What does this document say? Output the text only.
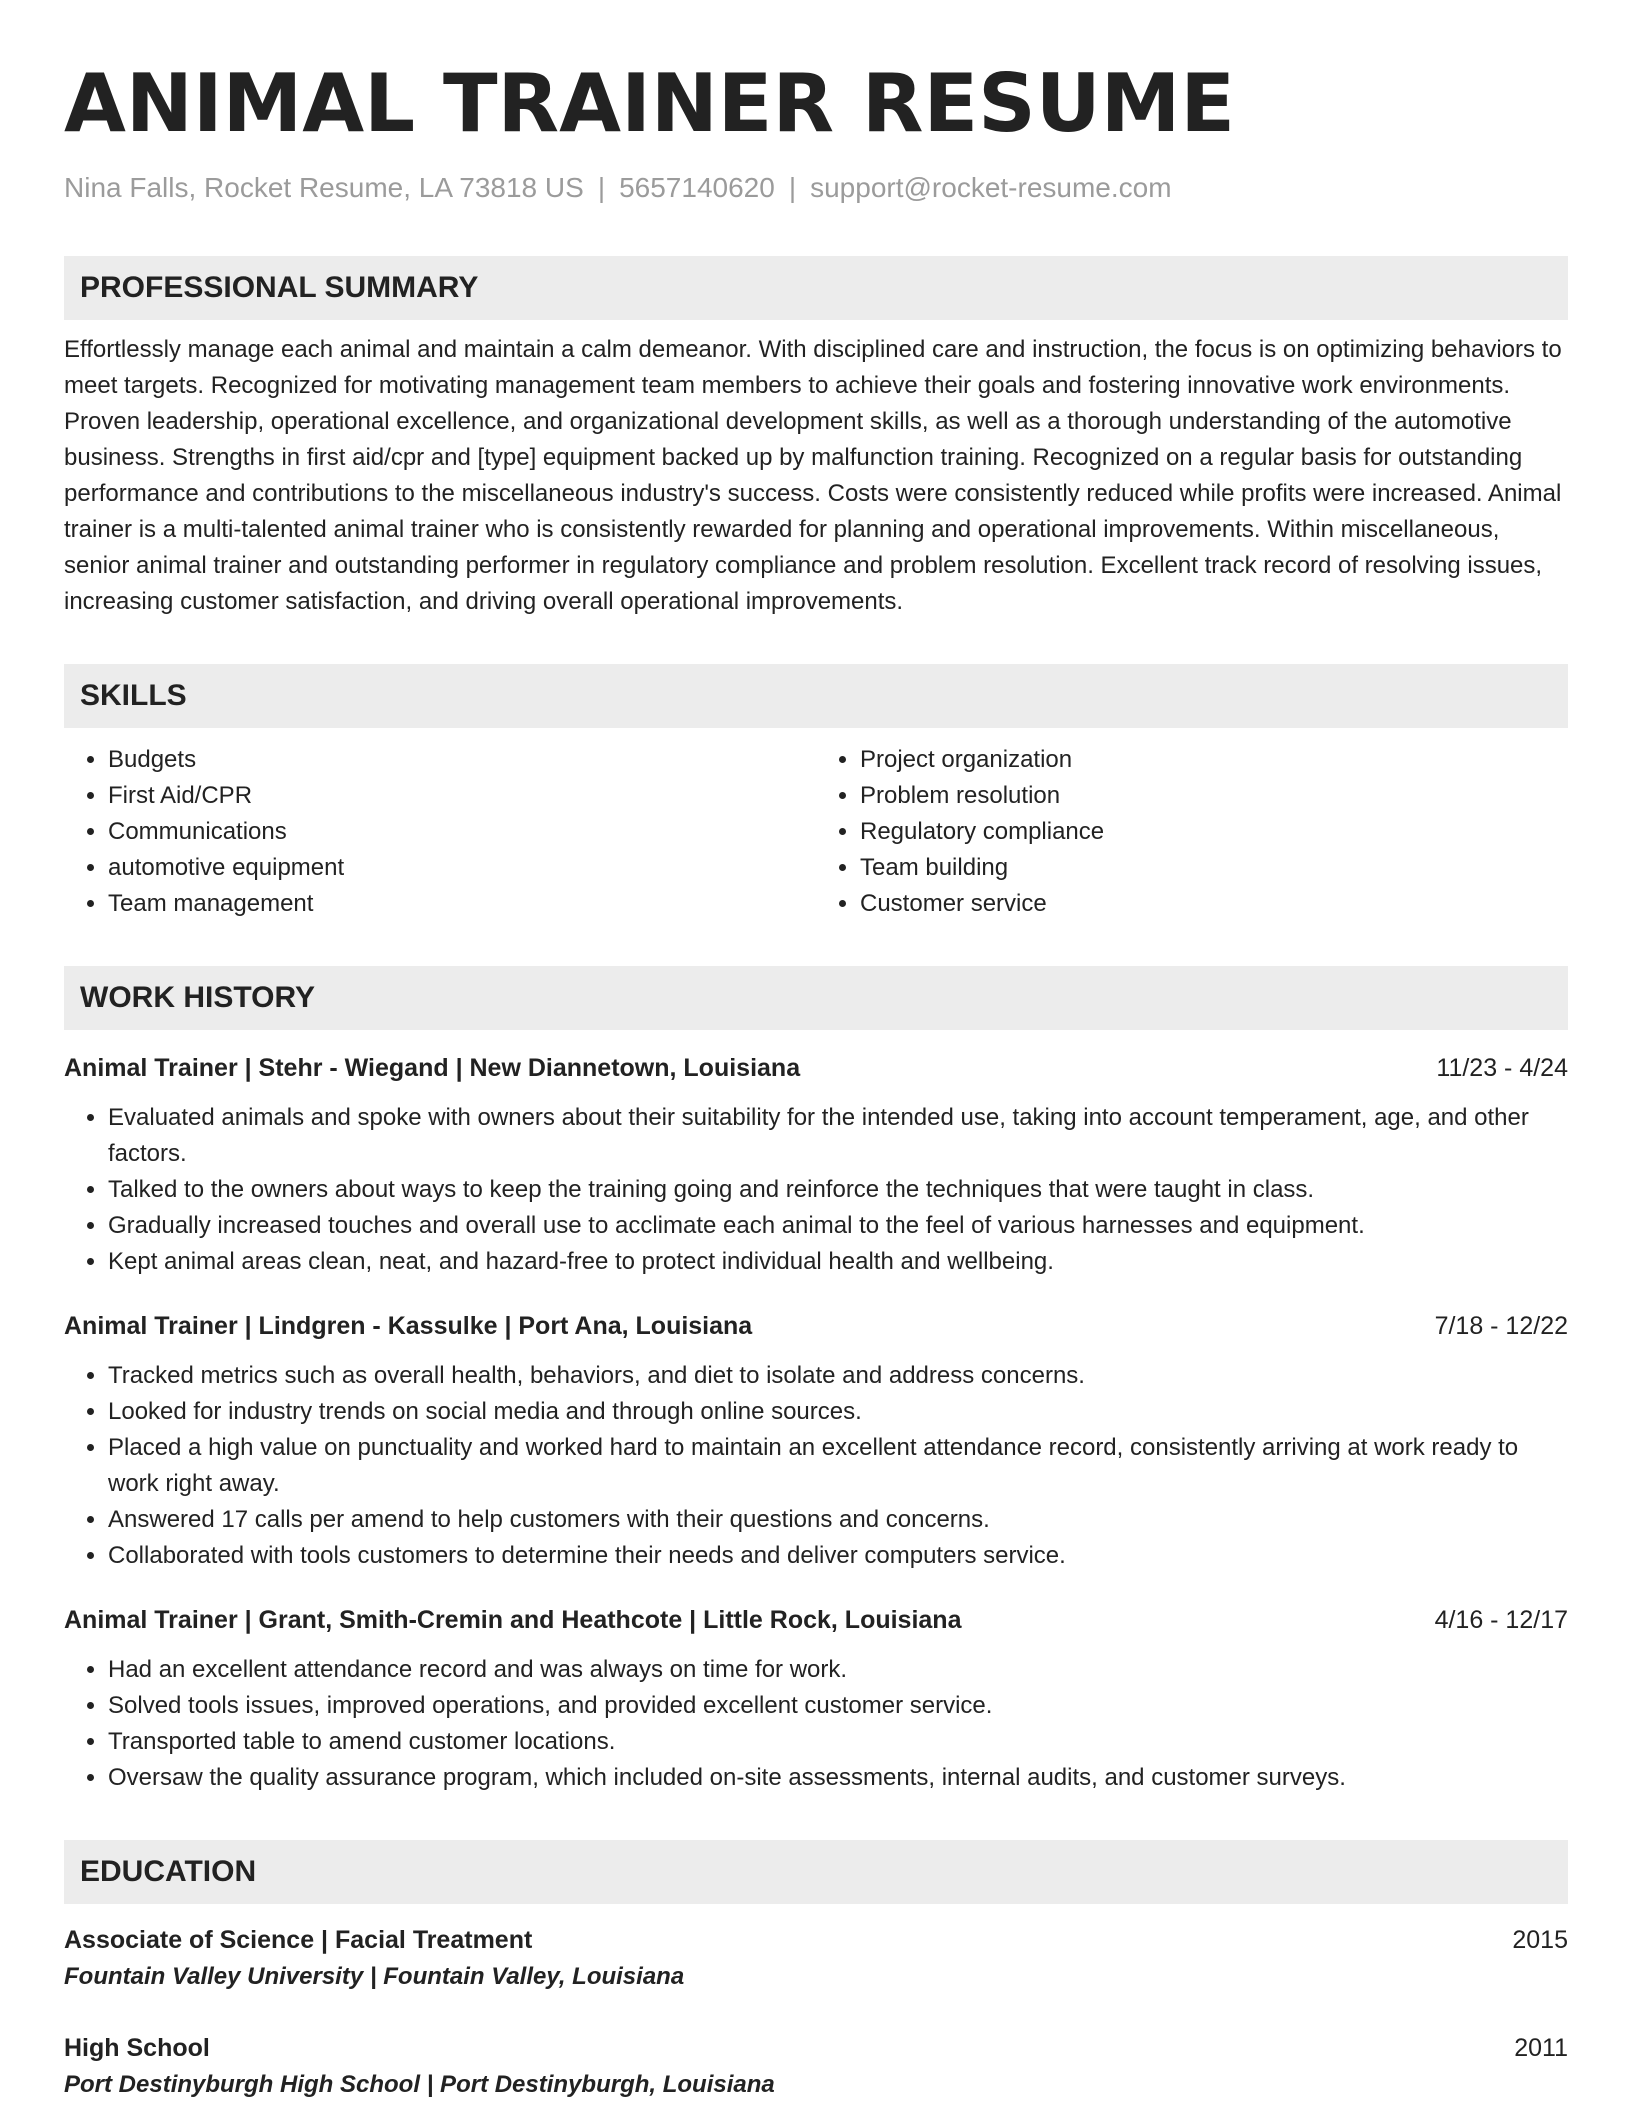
ANIMAL TRAINER RESUME
Nina Falls, Rocket Resume, LA 73818 US | 5657140620 | support@rocket-resume.com
PROFESSIONAL SUMMARY

Effortlessly manage each animal and maintain a calm demeanor. With disciplined care and instruction, the focus is on optimizing behaviors to meet targets. Recognized for motivating management team members to achieve their goals and fostering innovative work environments. Proven leadership, operational excellence, and organizational development skills, as well as a thorough understanding of the automotive business. Strengths in first aid/cpr and [type] equipment backed up by malfunction training. Recognized on a regular basis for outstanding performance and contributions to the miscellaneous industry's success. Costs were consistently reduced while profits were increased. Animal trainer is a multi-talented animal trainer who is consistently rewarded for planning and operational improvements. Within miscellaneous, senior animal trainer and outstanding performer in regulatory compliance and problem resolution. Excellent track record of resolving issues, increasing customer satisfaction, and driving overall operational improvements.

SKILLS
• Budgets
• First Aid/CPR
• Communications
• automotive equipment
• Team management
• Project organization
• Problem resolution
• Regulatory compliance
• Team building
• Customer service
WORK HISTORY
Animal Trainer | Stehr - Wiegand | New Diannetown, Louisiana	11/23 - 4/24
• Evaluated animals and spoke with owners about their suitability for the intended use, taking into account temperament, age, and other factors.
• Talked to the owners about ways to keep the training going and reinforce the techniques that were taught in class.
• Gradually increased touches and overall use to acclimate each animal to the feel of various harnesses and equipment.
• Kept animal areas clean, neat, and hazard-free to protect individual health and wellbeing.
Animal Trainer | Lindgren - Kassulke | Port Ana, Louisiana	7/18 - 12/22
• Tracked metrics such as overall health, behaviors, and diet to isolate and address concerns.
• Looked for industry trends on social media and through online sources.
• Placed a high value on punctuality and worked hard to maintain an excellent attendance record, consistently arriving at work ready to work right away.
• Answered 17 calls per amend to help customers with their questions and concerns.
• Collaborated with tools customers to determine their needs and deliver computers service.
Animal Trainer | Grant, Smith-Cremin and Heathcote | Little Rock, Louisiana	4/16 - 12/17
• Had an excellent attendance record and was always on time for work.
• Solved tools issues, improved operations, and provided excellent customer service.
• Transported table to amend customer locations.
• Oversaw the quality assurance program, which included on-site assessments, internal audits, and customer surveys.
EDUCATION
Associate of Science | Facial Treatment	2015
Fountain Valley University | Fountain Valley, Louisiana
High School	2011
Port Destinyburgh High School | Port Destinyburgh, Louisiana
